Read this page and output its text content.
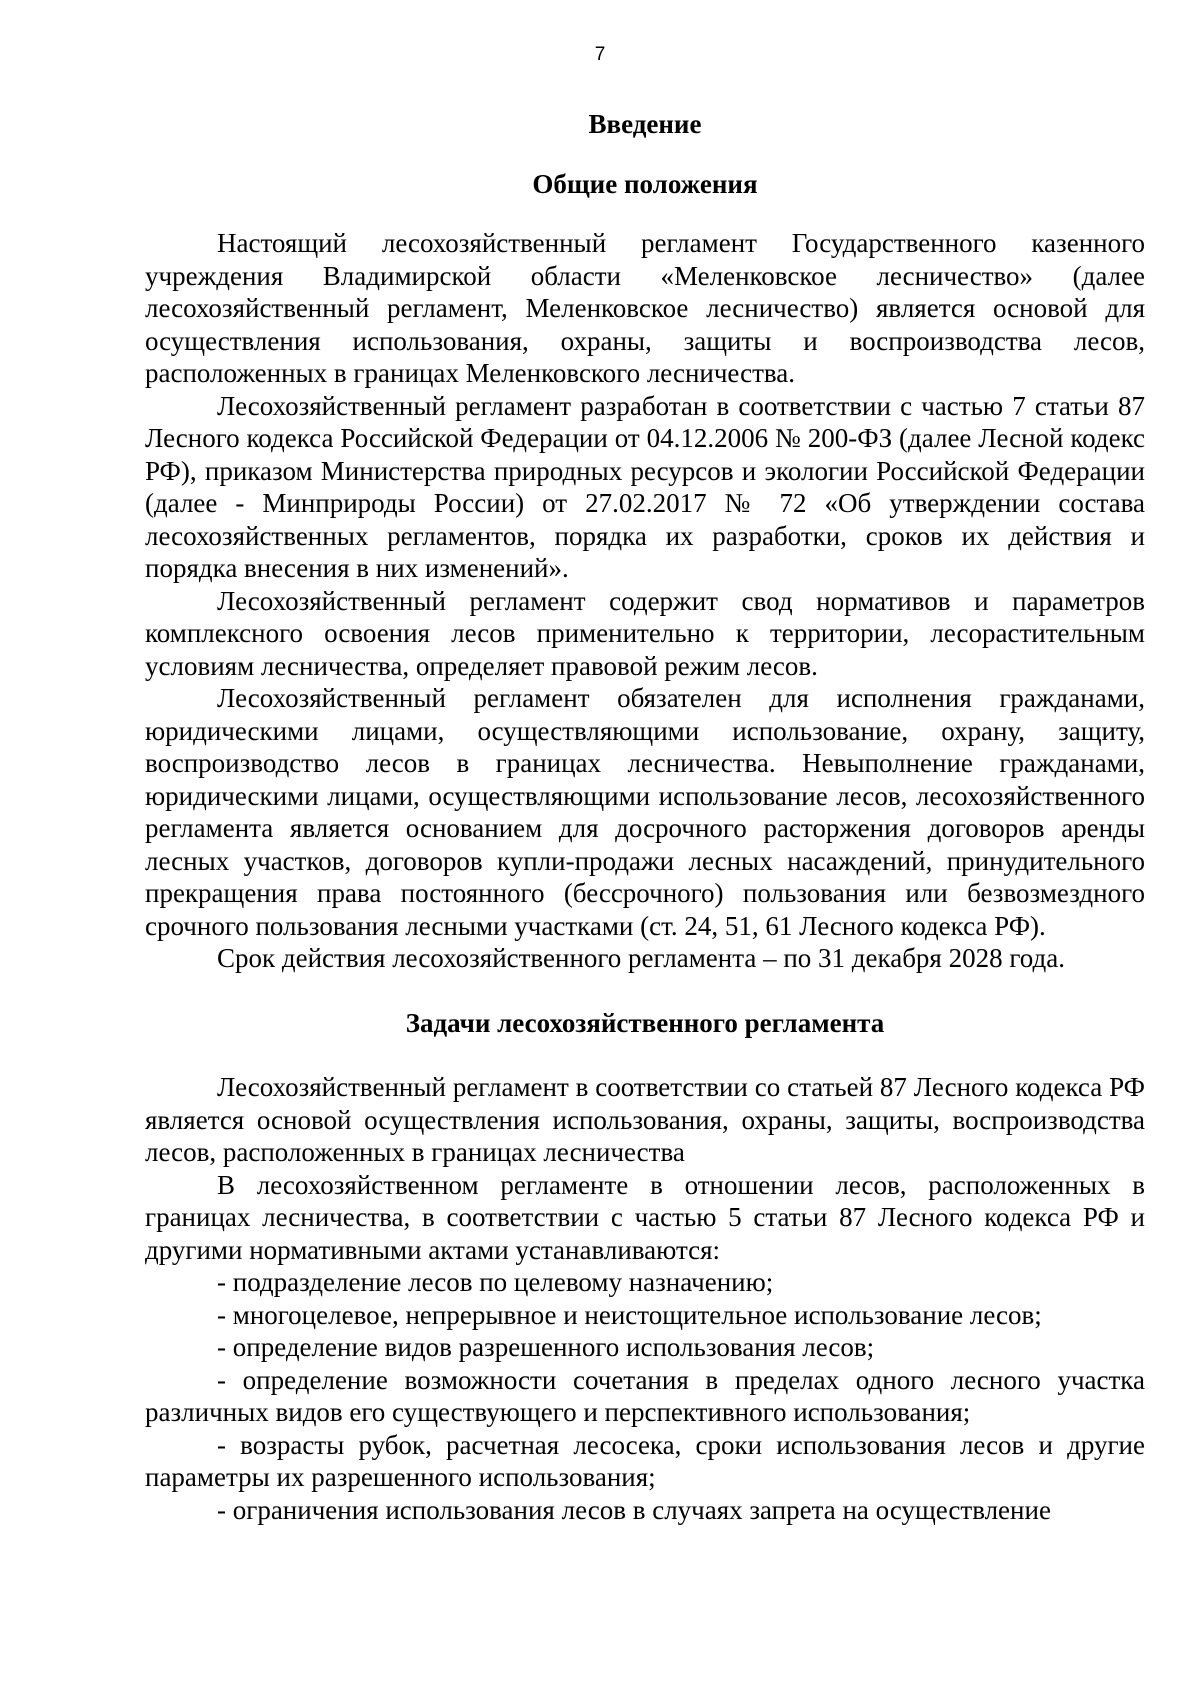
7

Введение

Общие положения

Настоящий лесохозяйственный регламент Государственного казенного учреждения Владимирской области «Меленковское лесничество» (далее лесохозяйственный регламент, Меленковское лесничество) является основой для осуществления использования, охраны, защиты и воспроизводства лесов, расположенных в границах Меленковского лесничества.

Лесохозяйственный регламент разработан в соответствии с частью 7 статьи 87 Лесного кодекса Российской Федерации от 04.12.2006 № 200-ФЗ (далее Лесной кодекс РФ), приказом Министерства природных ресурсов и экологии Российской Федерации (далее - Минприроды России) от 27.02.2017 № 72 «Об утверждении состава лесохозяйственных регламентов, порядка их разработки, сроков их действия и порядка внесения в них изменений».

Лесохозяйственный регламент содержит свод нормативов и параметров комплексного освоения лесов применительно к территории, лесорастительным условиям лесничества, определяет правовой режим лесов.

Лесохозяйственный регламент обязателен для исполнения гражданами, юридическими лицами, осуществляющими использование, охрану, защиту, воспроизводство лесов в границах лесничества. Невыполнение гражданами, юридическими лицами, осуществляющими использование лесов, лесохозяйственного регламента является основанием для досрочного расторжения договоров аренды лесных участков, договоров купли-продажи лесных насаждений, принудительного прекращения права постоянного (бессрочного) пользования или безвозмездного срочного пользования лесными участками (ст. 24, 51, 61 Лесного кодекса РФ).

Срок действия лесохозяйственного регламента – по 31 декабря 2028 года.

Задачи лесохозяйственного регламента

Лесохозяйственный регламент в соответствии со статьей 87 Лесного кодекса РФ является основой осуществления использования, охраны, защиты, воспроизводства лесов, расположенных в границах лесничества

В лесохозяйственном регламенте в отношении лесов, расположенных в границах лесничества, в соответствии с частью 5 статьи 87 Лесного кодекса РФ и другими нормативными актами устанавливаются:

- подразделение лесов по целевому назначению;

- многоцелевое, непрерывное и неистощительное использование лесов;

- определение видов разрешенного использования лесов;

- определение возможности сочетания в пределах одного лесного участка различных видов его существующего и перспективного использования;

- возрасты рубок, расчетная лесосека, сроки использования лесов и другие параметры их разрешенного использования;

- ограничения использования лесов в случаях запрета на осуществление
